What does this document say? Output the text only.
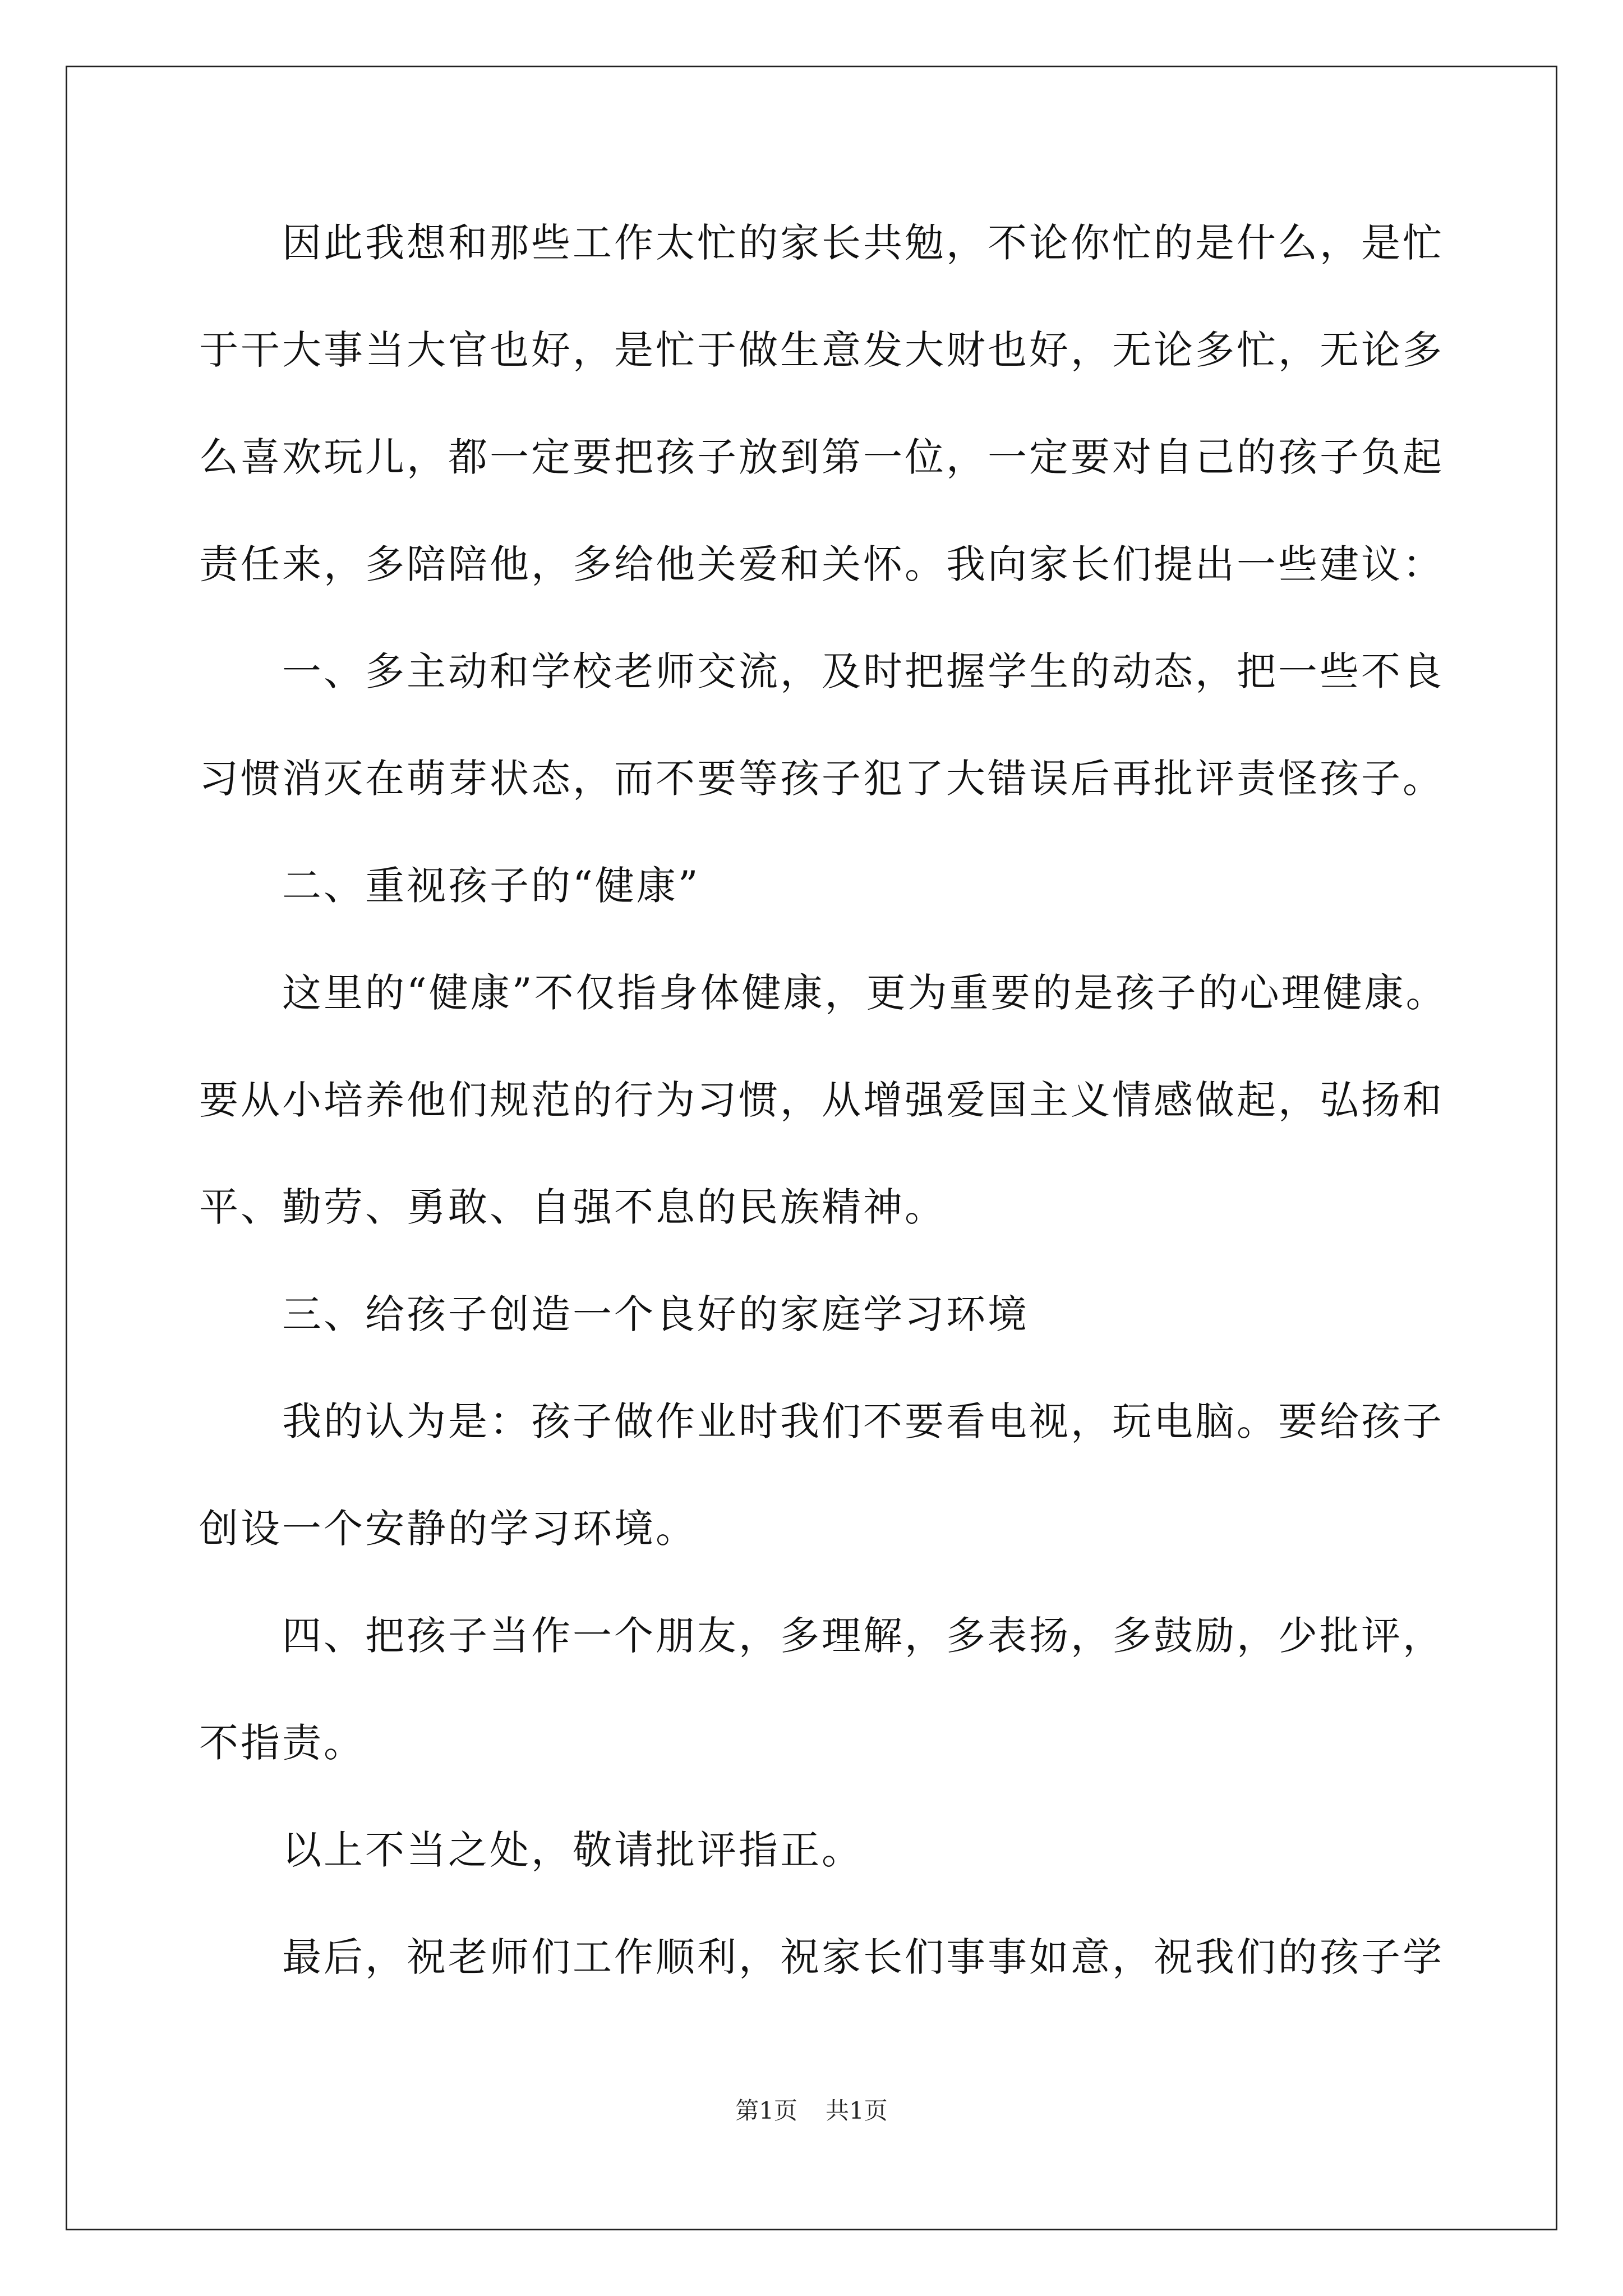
因此我想和那些工作太忙的家长共勉，不论你忙的是什么，是忙
于干大事当大官也好，是忙于做生意发大财也好，无论多忙，无论多
么喜欢玩儿，都一定要把孩子放到第一位，一定要对自己的孩子负起
责任来，多陪陪他，多给他关爱和关怀。我向家长们提出一些建议：
一、多主动和学校老师交流，及时把握学生的动态，把一些不良
习惯消灭在萌芽状态，而不要等孩子犯了大错误后再批评责怪孩子。
二、重视孩子的“健康”
这里的“健康”不仅指身体健康，更为重要的是孩子的心理健康。
要从小培养他们规范的行为习惯，从增强爱国主义情感做起，弘扬和
平、勤劳、勇敢、自强不息的民族精神。
三、给孩子创造一个良好的家庭学习环境
我的认为是：孩子做作业时我们不要看电视，玩电脑。要给孩子
创设一个安静的学习环境。
四、把孩子当作一个朋友，多理解，多表扬，多鼓励，少批评，
不指责。
以上不当之处，敬请批评指正。
最后，祝老师们工作顺利，祝家长们事事如意，祝我们的孩子学
第1页 共1页
